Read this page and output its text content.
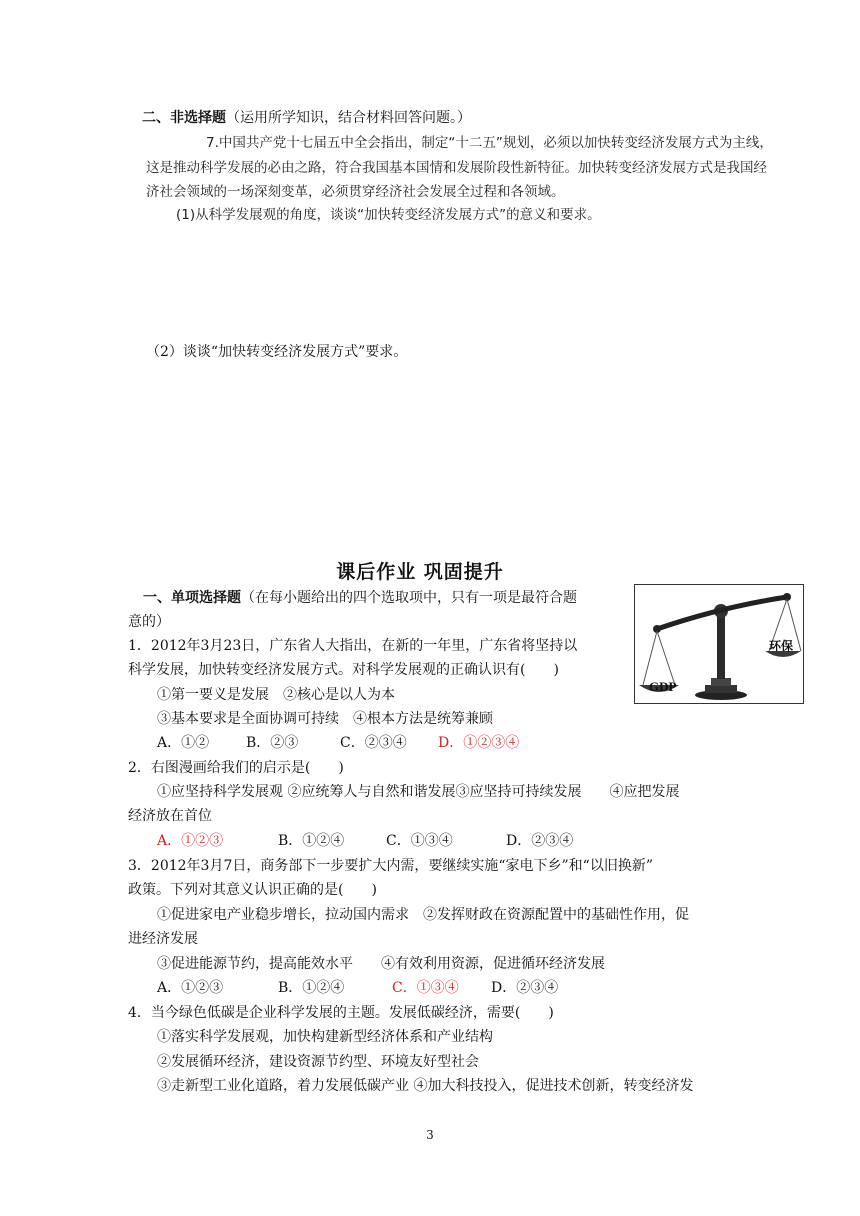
二、非选择题（运用所学知识，结合材料回答问题。）
7.中国共产党十七届五中全会指出，制定“十二五”规划，必须以加快转变经济发展方式为主线，
这是推动科学发展的必由之路，符合我国基本国情和发展阶段性新特征。加快转变经济发展方式是我国经
济社会领域的一场深刻变革，必须贯穿经济社会发展全过程和各领域。
(1)从科学发展观的角度，谈谈“加快转变经济发展方式”的意义和要求。
（2）谈谈“加快转变经济发展方式”要求。
课后作业 巩固提升
一、单项选择题（在每小题给出的四个选取项中，只有一项是最符合题
意的）
GDP
环保
1．2012年3月23日，广东省人大指出，在新的一年里，广东省将坚持以
科学发展，加快转变经济发展方式。对科学发展观的正确认识有(　　)
①第一要义是发展　②核心是以人为本
③基本要求是全面协调可持续　④根本方法是统筹兼顾
A．①②	B．②③	C．②③④ D．①②③④
2．右图漫画给我们的启示是(　　)
①应坚持科学发展观 ②应统筹人与自然和谐发展③应坚持可持续发展　　④应把发展
经济放在首位
A．①②③	B．①②④	C．①③④	D．②③④
3．2012年3月7日，商务部下一步要扩大内需，要继续实施“家电下乡”和“以旧换新”
政策。下列对其意义认识正确的是(　　)
①促进家电产业稳步增长，拉动国内需求　②发挥财政在资源配置中的基础性作用，促
进经济发展
③促进能源节约，提高能效水平　　④有效利用资源，促进循环经济发展
A．①②③	B．①②④	C．①③④ D．②③④
4．当今绿色低碳是企业科学发展的主题。发展低碳经济，需要(　　)
①落实科学发展观，加快构建新型经济体系和产业结构
②发展循环经济，建设资源节约型、环境友好型社会
③走新型工业化道路，着力发展低碳产业 ④加大科技投入，促进技术创新，转变经济发
3
